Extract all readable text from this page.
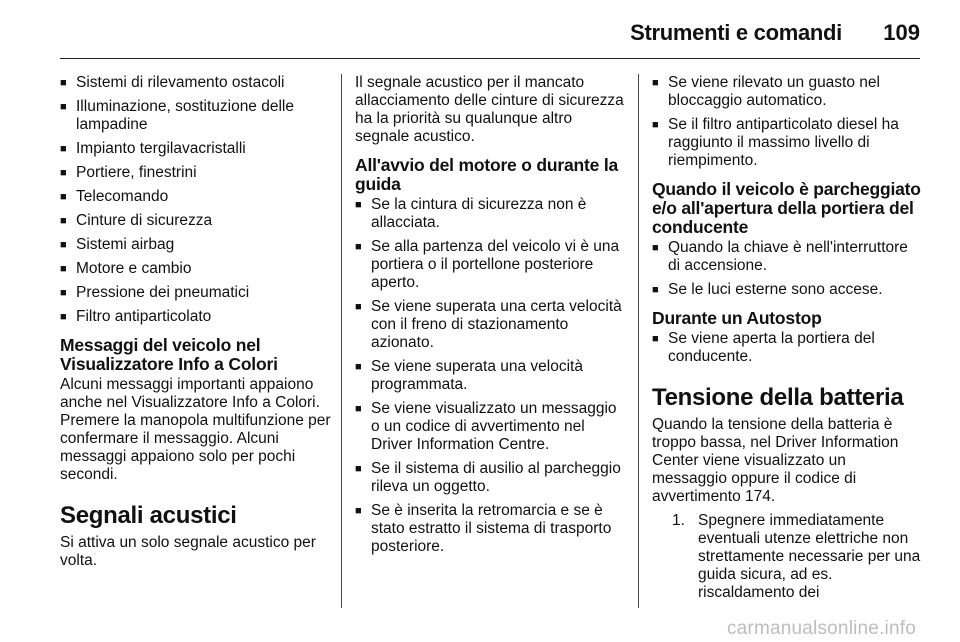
Strumenti e comandi 109
■ Sistemi di rilevamento ostacoli
■ Illuminazione, sostituzione delle lampadine
■ Impianto tergilavacristalli
■ Portiere, finestrini
■ Telecomando
■ Cinture di sicurezza
■ Sistemi airbag
■ Motore e cambio
■ Pressione dei pneumatici
■ Filtro antiparticolato
Messaggi del veicolo nel Visualizzatore Info a Colori

Alcuni messaggi importanti appaiono anche nel Visualizzatore Info a Colori. Premere la manopola multifunzione per confermare il messaggio. Alcuni messaggi appaiono solo per pochi secondi.

Segnali acustici

Si attiva un solo segnale acustico per volta.

Il segnale acustico per il mancato allacciamento delle cinture di sicurezza ha la priorità su qualunque altro segnale acustico.

All'avvio del motore o durante la guida
■ Se la cintura di sicurezza non è allacciata.
■ Se alla partenza del veicolo vi è una portiera o il portellone posteriore aperto.
■ Se viene superata una certa velocità con il freno di stazionamento azionato.
■ Se viene superata una velocità programmata.
■ Se viene visualizzato un messaggio o un codice di avvertimento nel Driver Information Centre.
■ Se il sistema di ausilio al parcheggio rileva un oggetto.
■ Se è inserita la retromarcia e se è stato estratto il sistema di trasporto posteriore.
■ Se viene rilevato un guasto nel bloccaggio automatico.
■ Se il filtro antiparticolato diesel ha raggiunto il massimo livello di riempimento.
Quando il veicolo è parcheggiato e/o all'apertura della portiera del conducente
■ Quando la chiave è nell'interruttore di accensione.
■ Se le luci esterne sono accese.
Durante un Autostop
■ Se viene aperta la portiera del conducente.
Tensione della batteria

Quando la tensione della batteria è troppo bassa, nel Driver Information Center viene visualizzato un messaggio oppure il codice di avvertimento 174.

1. Spegnere immediatamente eventuali utenze elettriche non strettamente necessarie per una guida sicura, ad es. riscaldamento dei
carmanualsonline.info
